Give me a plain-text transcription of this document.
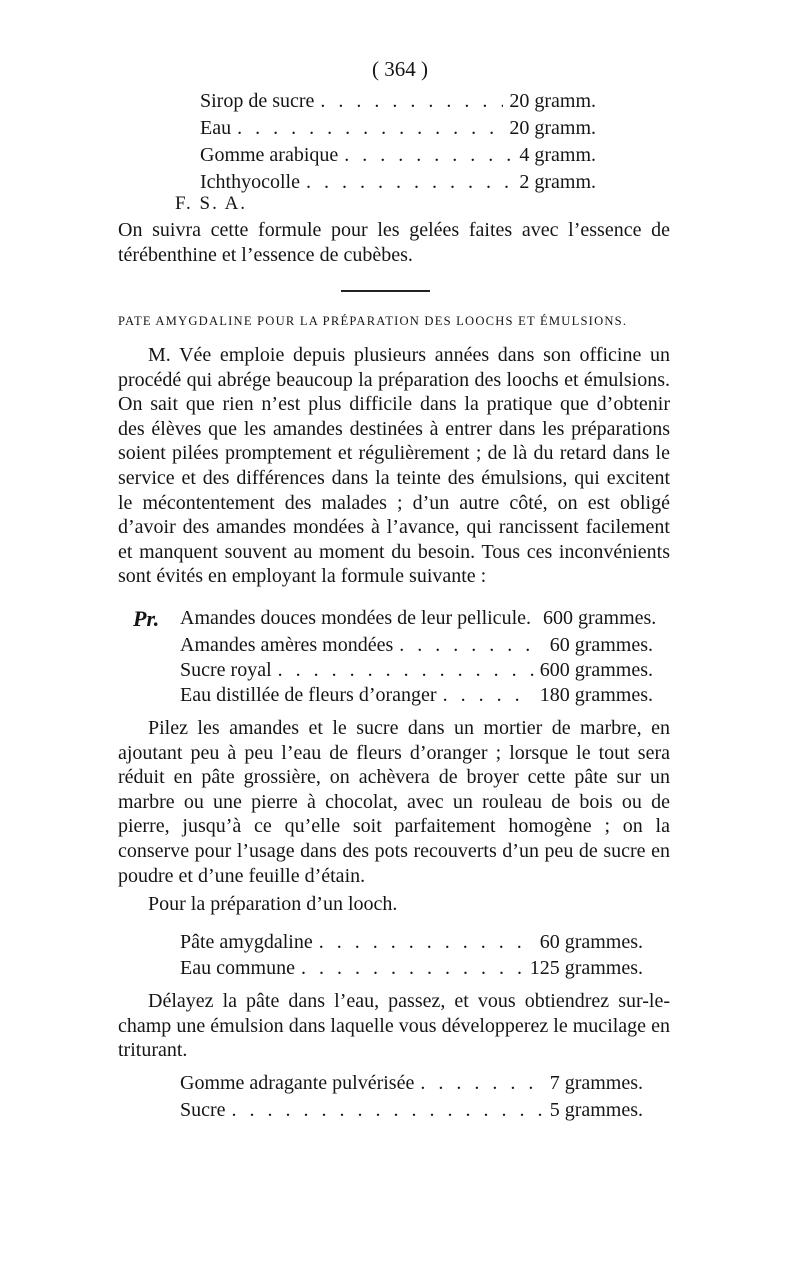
( 364 )
Sirop de sucre . . .	20 gramm.
Eau . . .	20 gramm.
Gomme arabique . . .	4 gramm.
Ichthyocolle . . .	2 gramm.
F. S. A.
On suivra cette formule pour les gelées faites avec l’essence de térébenthine et l’essence de cubèbes.
PATE AMYGDALINE POUR LA PRÉPARATION DES LOOCHS ET ÉMULSIONS.
M. Vée emploie depuis plusieurs années dans son officine un procédé qui abrége beaucoup la préparation des loochs et émulsions. On sait que rien n’est plus difficile dans la pratique que d’obtenir des élèves que les amandes destinées à entrer dans les préparations soient pilées promptement et régulièrement ; de là du retard dans le service et des différences dans la teinte des émulsions, qui excitent le mécontentement des malades ; d’un autre côté, on est obligé d’avoir des amandes mondées à l’avance, qui rancissent facilement et manquent souvent au moment du besoin. Tous ces inconvénients sont évités en employant la formule suivante :
Pr. Amandes douces mondées de leur pellicule. 600 grammes.
Amandes amères mondées . . .	60 grammes.
Sucre royal . . .	600 grammes.
Eau distillée de fleurs d’oranger . . .	180 grammes.
Pilez les amandes et le sucre dans un mortier de marbre, en ajoutant peu à peu l’eau de fleurs d’oranger ; lorsque le tout sera réduit en pâte grossière, on achèvera de broyer cette pâte sur un marbre ou une pierre à chocolat, avec un rouleau de bois ou de pierre, jusqu’à ce qu’elle soit parfaitement homogène ; on la conserve pour l’usage dans des pots recouverts d’un peu de sucre en poudre et d’une feuille d’étain.
Pour la préparation d’un looch.
Pâte amygdaline . . .	60 grammes.
Eau commune . . .	125 grammes.
Délayez la pâte dans l’eau, passez, et vous obtiendrez sur-le-champ une émulsion dans laquelle vous développerez le mucilage en triturant.
Gomme adragante pulvérisée . . .	7 grammes.
Sucre . . .	5 grammes.
